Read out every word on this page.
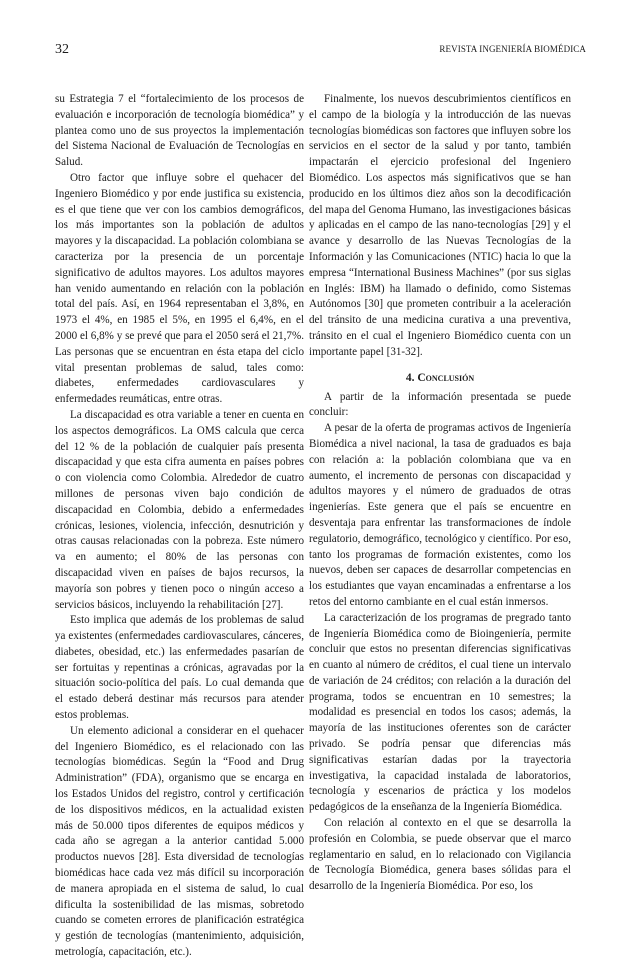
32	REVISTA INGENIERÍA BIOMÉDICA

su Estrategia 7 el “fortalecimiento de los procesos de evaluación e incorporación de tecnología biomédica” y plantea como uno de sus proyectos la implementación del Sistema Nacional de Evaluación de Tecnologías en Salud.

Otro factor que influye sobre el quehacer del Ingeniero Biomédico y por ende justifica su existencia, es el que tiene que ver con los cambios demográficos, los más importantes son la población de adultos mayores y la discapacidad. La población colombiana se caracteriza por la presencia de un porcentaje significativo de adultos mayores. Los adultos mayores han venido aumentando en relación con la población total del país. Así, en 1964 representaban el 3,8%, en 1973 el 4%, en 1985 el 5%, en 1995 el 6,4%, en el 2000 el 6,8% y se prevé que para el 2050 será el 21,7%. Las personas que se encuentran en ésta etapa del ciclo vital presentan problemas de salud, tales como: diabetes, enfermedades cardiovasculares y enfermedades reumáticas, entre otras.

La discapacidad es otra variable a tener en cuenta en los aspectos demográficos. La OMS calcula que cerca del 12 % de la población de cualquier país presenta discapacidad y que esta cifra aumenta en países pobres o con violencia como Colombia. Alrededor de cuatro millones de personas viven bajo condición de discapacidad en Colombia, debido a enfermedades crónicas, lesiones, violencia, infección, desnutrición y otras causas relacionadas con la pobreza. Este número va en aumento; el 80% de las personas con discapacidad viven en países de bajos recursos, la mayoría son pobres y tienen poco o ningún acceso a servicios básicos, incluyendo la rehabilitación [27].

Esto implica que además de los problemas de salud ya existentes (enfermedades cardiovasculares, cánceres, diabetes, obesidad, etc.) las enfermedades pasarían de ser fortuitas y repentinas a crónicas, agravadas por la situación socio-política del país. Lo cual demanda que el estado deberá destinar más recursos para atender estos problemas.

Un elemento adicional a considerar en el quehacer del Ingeniero Biomédico, es el relacionado con las tecnologías biomédicas. Según la “Food and Drug Administration” (FDA), organismo que se encarga en los Estados Unidos del registro, control y certificación de los dispositivos médicos, en la actualidad existen más de 50.000 tipos diferentes de equipos médicos y cada año se agregan a la anterior cantidad 5.000 productos nuevos [28]. Esta diversidad de tecnologías biomédicas hace cada vez más difícil su incorporación de manera apropiada en el sistema de salud, lo cual dificulta la sostenibilidad de las mismas, sobretodo cuando se cometen errores de planificación estratégica y gestión de tecnologías (mantenimiento, adquisición, metrología, capacitación, etc.).

Finalmente, los nuevos descubrimientos científicos en el campo de la biología y la introducción de las nuevas tecnologías biomédicas son factores que influyen sobre los servicios en el sector de la salud y por tanto, también impactarán el ejercicio profesional del Ingeniero Biomédico. Los aspectos más significativos que se han producido en los últimos diez años son la decodificación del mapa del Genoma Humano, las investigaciones básicas y aplicadas en el campo de las nano-tecnologías [29] y el avance y desarrollo de las Nuevas Tecnologías de la Información y las Comunicaciones (NTIC) hacia lo que la empresa “International Business Machines” (por sus siglas en Inglés: IBM) ha llamado o definido, como Sistemas Autónomos [30] que prometen contribuir a la aceleración del tránsito de una medicina curativa a una preventiva, tránsito en el cual el Ingeniero Biomédico cuenta con un importante papel [31-32].

4. Conclusión

A partir de la información presentada se puede concluir:

A pesar de la oferta de programas activos de Ingeniería Biomédica a nivel nacional, la tasa de graduados es baja con relación a: la población colombiana que va en aumento, el incremento de personas con discapacidad y adultos mayores y el número de graduados de otras ingenierías. Este genera que el país se encuentre en desventaja para enfrentar las transformaciones de índole regulatorio, demográfico, tecnológico y científico. Por eso, tanto los programas de formación existentes, como los nuevos, deben ser capaces de desarrollar competencias en los estudiantes que vayan encaminadas a enfrentarse a los retos del entorno cambiante en el cual están inmersos.

La caracterización de los programas de pregrado tanto de Ingeniería Biomédica como de Bioingeniería, permite concluir que estos no presentan diferencias significativas en cuanto al número de créditos, el cual tiene un intervalo de variación de 24 créditos; con relación a la duración del programa, todos se encuentran en 10 semestres; la modalidad es presencial en todos los casos; además, la mayoría de las instituciones oferentes son de carácter privado. Se podría pensar que diferencias más significativas estarían dadas por la trayectoria investigativa, la capacidad instalada de laboratorios, tecnología y escenarios de práctica y los modelos pedagógicos de la enseñanza de la Ingeniería Biomédica.

Con relación al contexto en el que se desarrolla la profesión en Colombia, se puede observar que el marco reglamentario en salud, en lo relacionado con Vigilancia de Tecnología Biomédica, genera bases sólidas para el desarrollo de la Ingeniería Biomédica. Por eso, los
